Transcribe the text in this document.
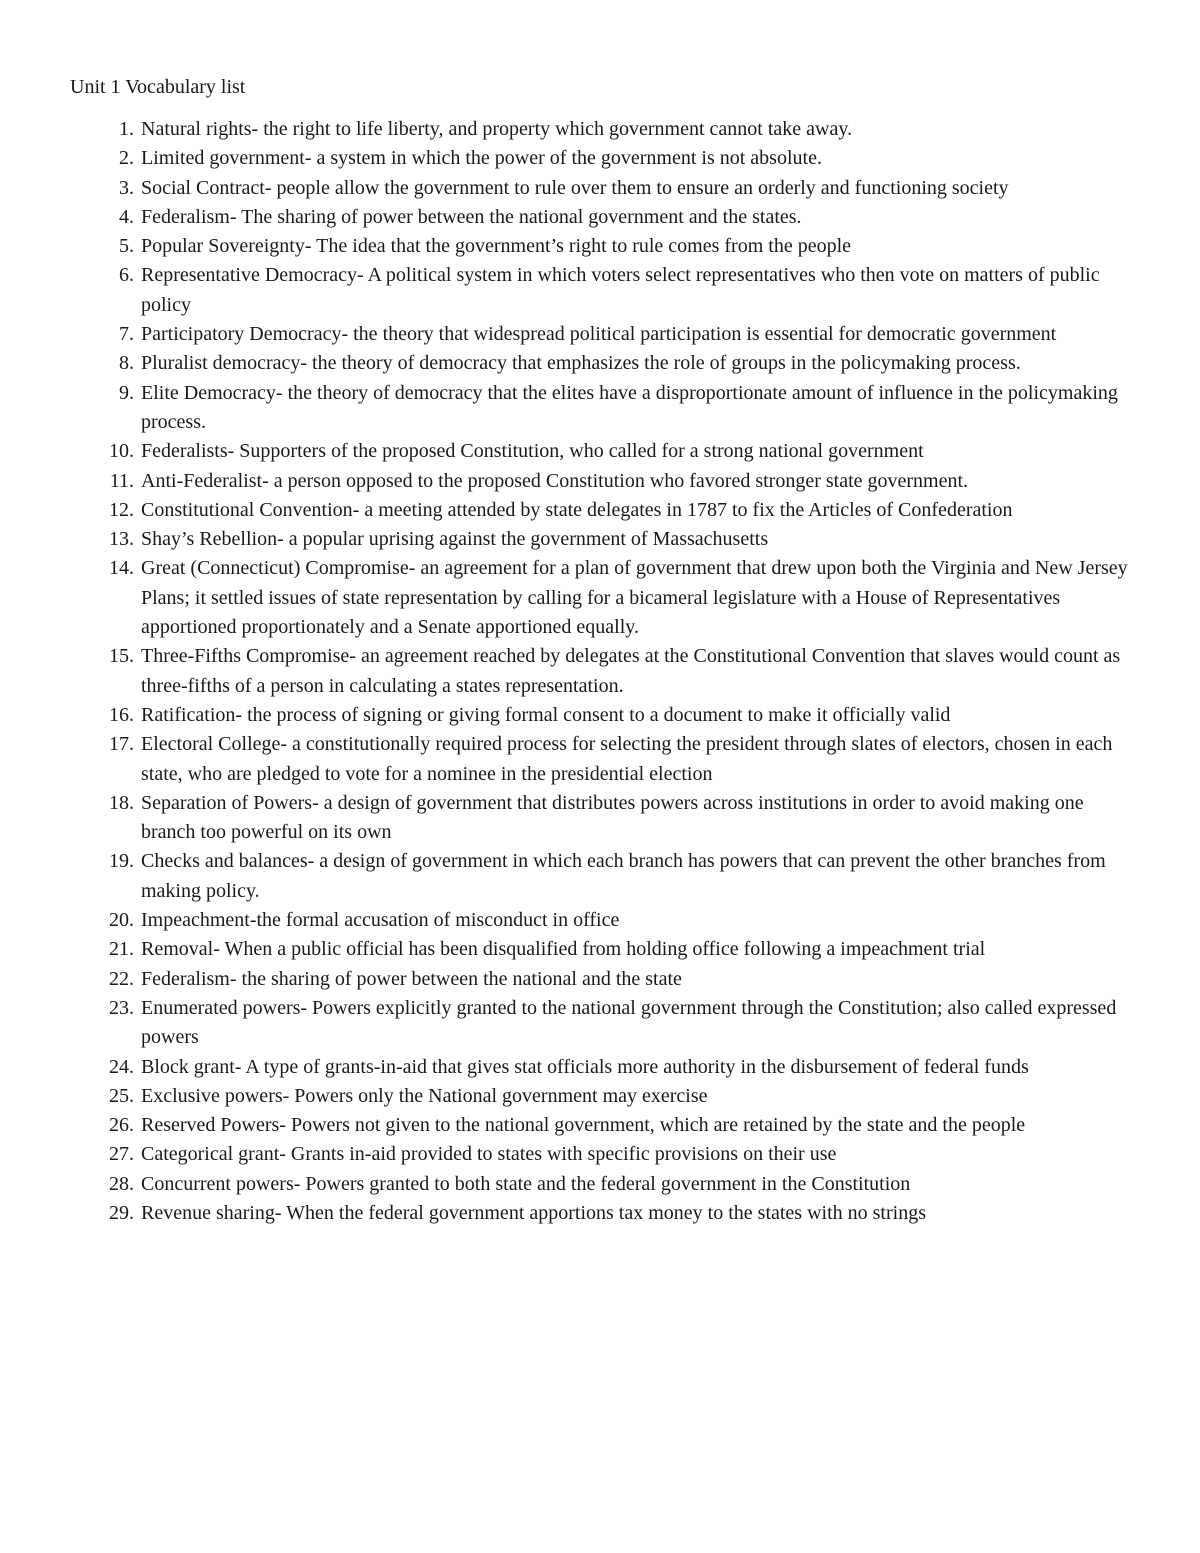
Unit 1 Vocabulary list
1. Natural rights- the right to life liberty, and property which government cannot take away.
2. Limited government- a system in which the power of the government is not absolute.
3. Social Contract- people allow the government to rule over them to ensure an orderly and functioning society
4. Federalism- The sharing of power between the national government and the states.
5. Popular Sovereignty- The idea that the government’s right to rule comes from the people
6. Representative Democracy- A political system in which voters select representatives who then vote on matters of public policy
7. Participatory Democracy- the theory that widespread political participation is essential for democratic government
8. Pluralist democracy- the theory of democracy that emphasizes the role of groups in the policymaking process.
9. Elite Democracy- the theory of democracy that the elites have a disproportionate amount of influence in the policymaking process.
10. Federalists- Supporters of the proposed Constitution, who called for a strong national government
11. Anti-Federalist- a person opposed to the proposed Constitution who favored stronger state government.
12. Constitutional Convention- a meeting attended by state delegates in 1787 to fix the Articles of Confederation
13. Shay’s Rebellion- a popular uprising against the government of Massachusetts
14. Great (Connecticut) Compromise- an agreement for a plan of government that drew upon both the Virginia and New Jersey Plans; it settled issues of state representation by calling for a bicameral legislature with a House of Representatives apportioned proportionately and a Senate apportioned equally.
15. Three-Fifths Compromise- an agreement reached by delegates at the Constitutional Convention that slaves would count as three-fifths of a person in calculating a states representation.
16. Ratification- the process of signing or giving formal consent to a document to make it officially valid
17. Electoral College- a constitutionally required process for selecting the president through slates of electors, chosen in each state, who are pledged to vote for a nominee in the presidential election
18. Separation of Powers- a design of government that distributes powers across institutions in order to avoid making one branch too powerful on its own
19. Checks and balances- a design of government in which each branch has powers that can prevent the other branches from making policy.
20. Impeachment-the formal accusation of misconduct in office
21. Removal- When a public official has been disqualified from holding office following a impeachment trial
22. Federalism- the sharing of power between the national and the state
23. Enumerated powers- Powers explicitly granted to the national government through the Constitution; also called expressed powers
24. Block grant- A type of grants-in-aid that gives stat officials more authority in the disbursement of federal funds
25. Exclusive powers- Powers only the National government may exercise
26. Reserved Powers- Powers not given to the national government, which are retained by the state and the people
27. Categorical grant- Grants in-aid provided to states with specific provisions on their use
28. Concurrent powers- Powers granted to both state and the federal government in the Constitution
29. Revenue sharing- When the federal government apportions tax money to the states with no strings
